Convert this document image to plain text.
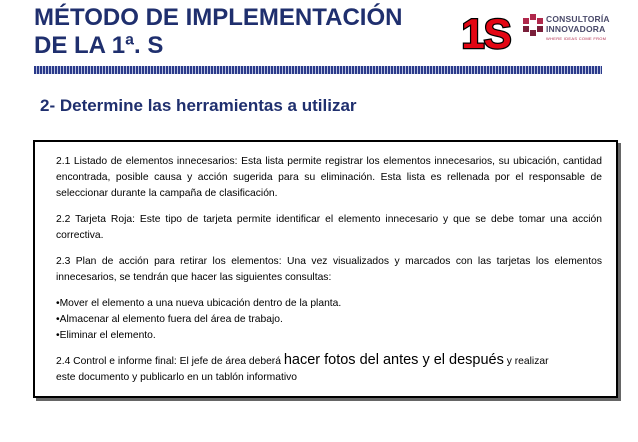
MÉTODO DE IMPLEMENTACIÓN
DE LA 1ª. S	1S	CONSULTORÍA
INNOVADORA
WHERE IDEAS COME FROM
2- Determine las herramientas a utilizar

2.1 Listado de elementos innecesarios: Esta lista permite registrar los elementos innecesarios, su ubicación, cantidad encontrada, posible causa y acción sugerida para su eliminación. Esta lista es rellenada por el responsable de seleccionar durante la campaña de clasificación.

2.2 Tarjeta Roja: Este tipo de tarjeta permite identificar el elemento innecesario y que se debe tomar una acción correctiva.

2.3 Plan de acción para retirar los elementos: Una vez visualizados y marcados con las tarjetas los elementos innecesarios, se tendrán que hacer las siguientes consultas:

•Mover el elemento a una nueva ubicación dentro de la planta.
•Almacenar al elemento fuera del área de trabajo.
•Eliminar el elemento.

2.4 Control e informe final: El jefe de área deberá hacer fotos del antes y el después y realizar
este documento y publicarlo en un tablón informativo
